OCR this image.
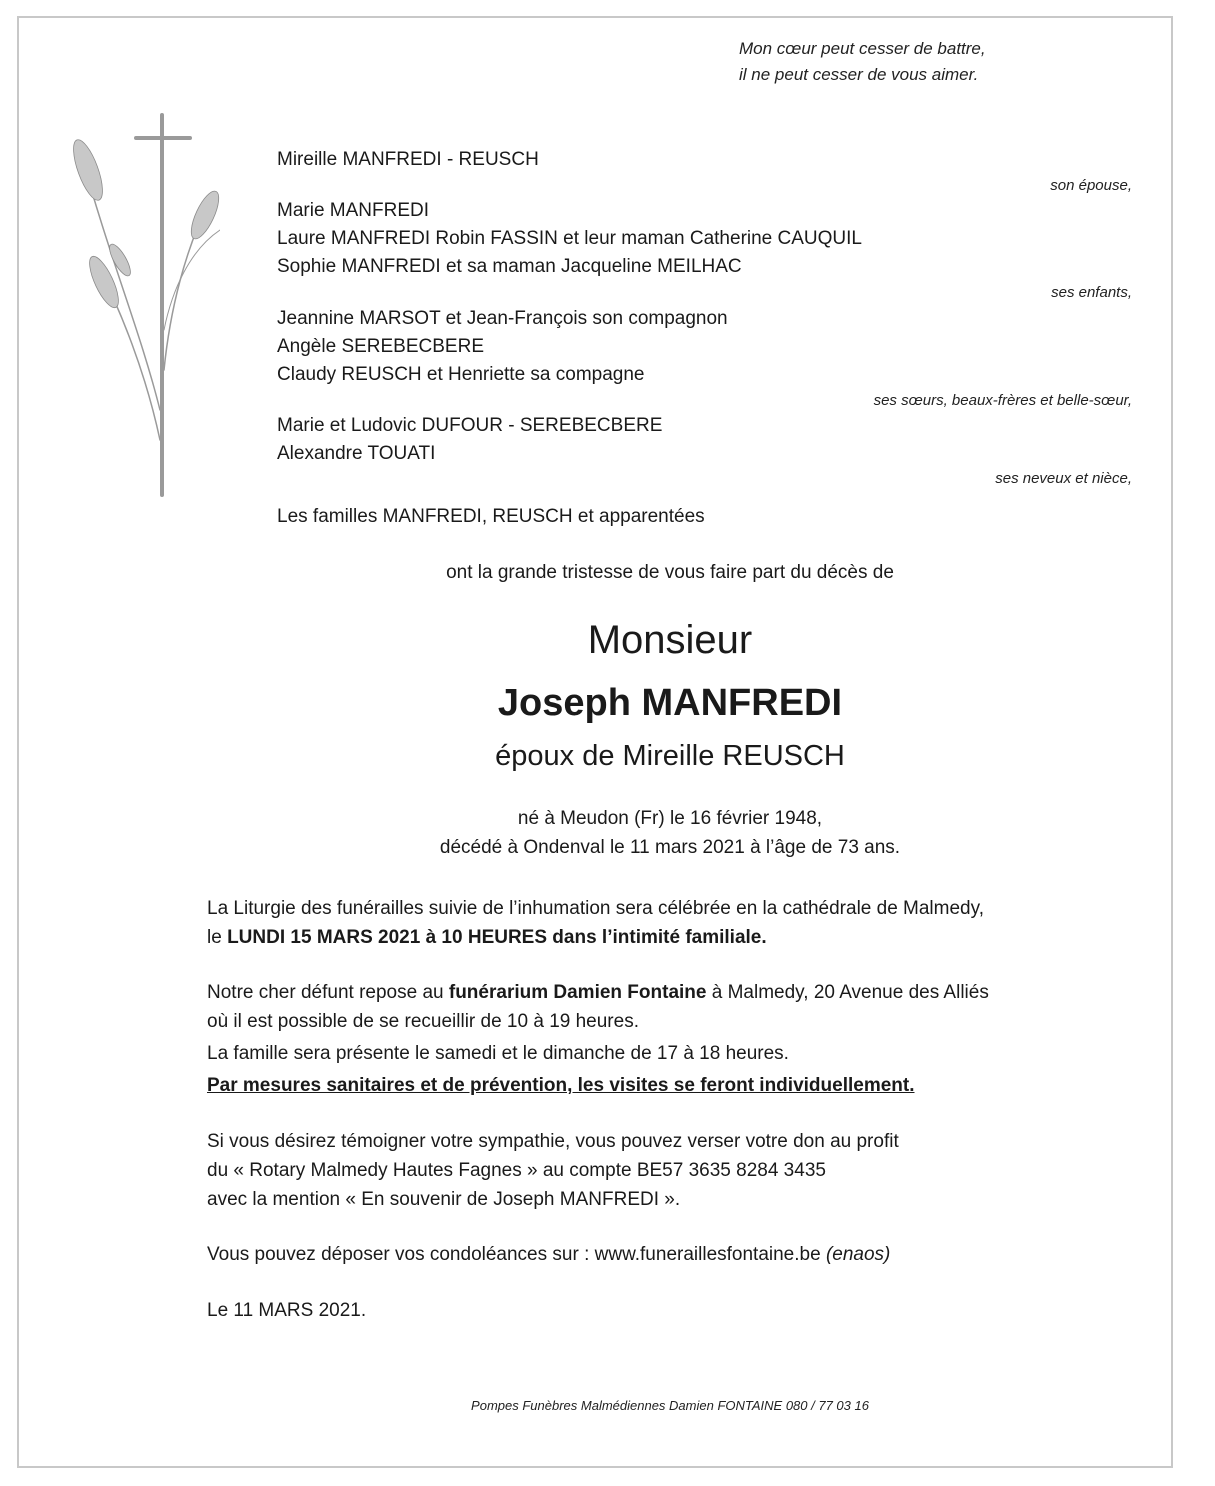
Mon cœur peut cesser de battre,
il ne peut cesser de vous aimer.
Mireille MANFREDI - REUSCH
son épouse,
Marie MANFREDI
Laure MANFREDI Robin FASSIN et leur maman Catherine CAUQUIL
Sophie MANFREDI et sa maman Jacqueline MEILHAC
ses enfants,
Jeannine MARSOT et Jean-François son compagnon
Angèle SEREBECBERE
Claudy REUSCH et Henriette sa compagne
ses sœurs, beaux-frères et belle-sœur,
Marie et Ludovic DUFOUR - SEREBECBERE
Alexandre TOUATI
ses neveux et nièce,
Les familles MANFREDI, REUSCH et apparentées
ont la grande tristesse de vous faire part du décès de
Monsieur
Joseph MANFREDI
époux de Mireille REUSCH
né à Meudon (Fr) le 16 février 1948,
décédé à Ondenval le 11 mars 2021 à l’âge de 73 ans.
La Liturgie des funérailles suivie de l’inhumation sera célébrée en la cathédrale de Malmedy,
le LUNDI 15 MARS 2021 à 10 HEURES dans l’intimité familiale.
Notre cher défunt repose au funérarium Damien Fontaine à Malmedy, 20 Avenue des Alliés
où il est possible de se recueillir de 10 à 19 heures.
La famille sera présente le samedi et le dimanche de 17 à 18 heures.
Par mesures sanitaires et de prévention, les visites se feront individuellement.
Si vous désirez témoigner votre sympathie, vous pouvez verser votre don au profit
du « Rotary Malmedy Hautes Fagnes » au compte BE57 3635 8284 3435
avec la mention « En souvenir de Joseph MANFREDI ».
Vous pouvez déposer vos condoléances sur : www.funeraillesfontaine.be (enaos)
Le 11 MARS 2021.
Pompes Funèbres Malmédiennes Damien FONTAINE 080 / 77 03 16
